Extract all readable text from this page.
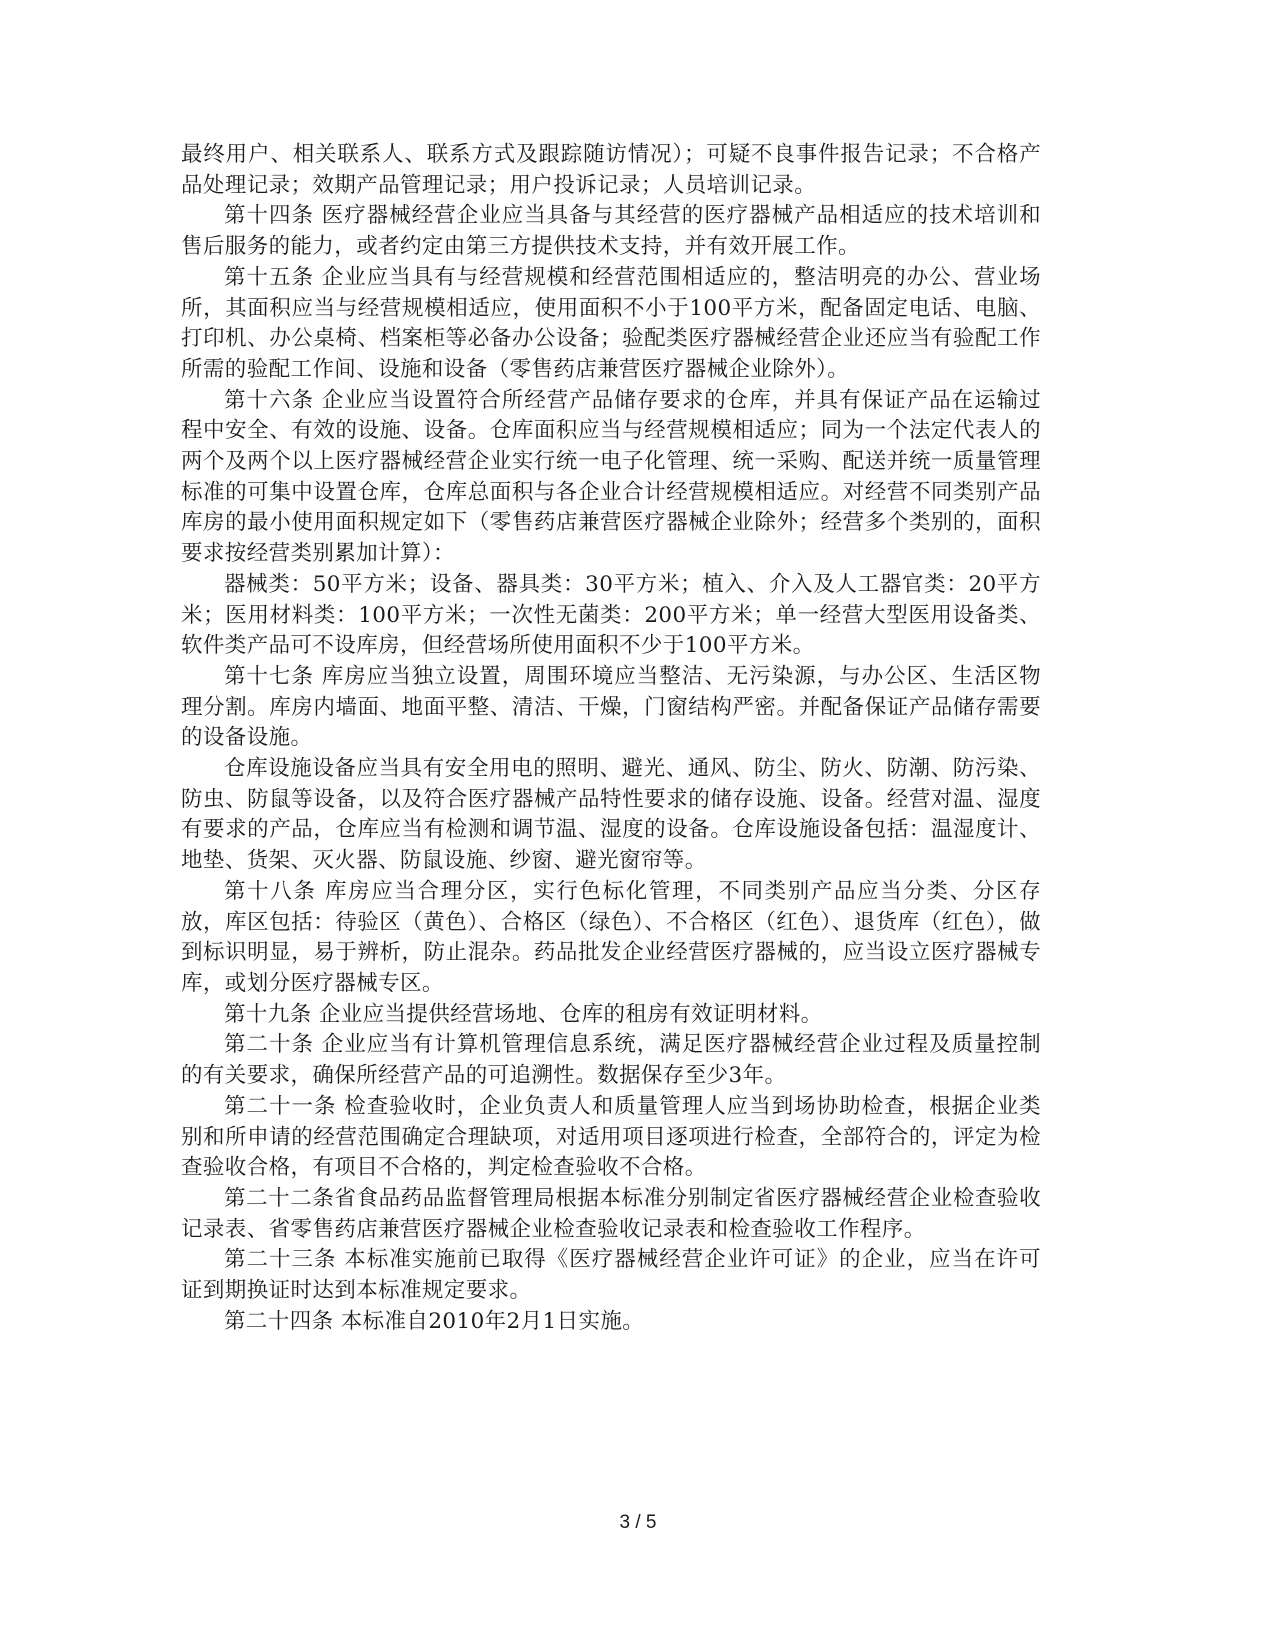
最终用户、相关联系人、联系方式及跟踪随访情况）；可疑不良事件报告记录；不合格产品处理记录；效期产品管理记录；用户投诉记录；人员培训记录。

第十四条 医疗器械经营企业应当具备与其经营的医疗器械产品相适应的技术培训和售后服务的能力，或者约定由第三方提供技术支持，并有效开展工作。

第十五条 企业应当具有与经营规模和经营范围相适应的，整洁明亮的办公、营业场所，其面积应当与经营规模相适应，使用面积不小于100平方米，配备固定电话、电脑、打印机、办公桌椅、档案柜等必备办公设备；验配类医疗器械经营企业还应当有验配工作所需的验配工作间、设施和设备（零售药店兼营医疗器械企业除外）。

第十六条 企业应当设置符合所经营产品储存要求的仓库，并具有保证产品在运输过程中安全、有效的设施、设备。仓库面积应当与经营规模相适应；同为一个法定代表人的两个及两个以上医疗器械经营企业实行统一电子化管理、统一采购、配送并统一质量管理标准的可集中设置仓库，仓库总面积与各企业合计经营规模相适应。对经营不同类别产品库房的最小使用面积规定如下（零售药店兼营医疗器械企业除外；经营多个类别的，面积要求按经营类别累加计算）：

器械类：50平方米；设备、器具类：30平方米；植入、介入及人工器官类：20平方米；医用材料类：100平方米；一次性无菌类：200平方米；单一经营大型医用设备类、软件类产品可不设库房，但经营场所使用面积不少于100平方米。

第十七条 库房应当独立设置，周围环境应当整洁、无污染源，与办公区、生活区物理分割。库房内墙面、地面平整、清洁、干燥，门窗结构严密。并配备保证产品储存需要的设备设施。

仓库设施设备应当具有安全用电的照明、避光、通风、防尘、防火、防潮、防污染、防虫、防鼠等设备，以及符合医疗器械产品特性要求的储存设施、设备。经营对温、湿度有要求的产品，仓库应当有检测和调节温、湿度的设备。仓库设施设备包括：温湿度计、地垫、货架、灭火器、防鼠设施、纱窗、避光窗帘等。

第十八条 库房应当合理分区，实行色标化管理，不同类别产品应当分类、分区存放，库区包括：待验区（黄色）、合格区（绿色）、不合格区（红色）、退货库（红色），做到标识明显，易于辨析，防止混杂。药品批发企业经营医疗器械的，应当设立医疗器械专库，或划分医疗器械专区。

第十九条 企业应当提供经营场地、仓库的租房有效证明材料。

第二十条 企业应当有计算机管理信息系统，满足医疗器械经营企业过程及质量控制的有关要求，确保所经营产品的可追溯性。数据保存至少3年。

第二十一条 检查验收时，企业负责人和质量管理人应当到场协助检查，根据企业类别和所申请的经营范围确定合理缺项，对适用项目逐项进行检查，全部符合的，评定为检查验收合格，有项目不合格的，判定检查验收不合格。

第二十二条省食品药品监督管理局根据本标准分别制定省医疗器械经营企业检查验收记录表、省零售药店兼营医疗器械企业检查验收记录表和检查验收工作程序。

第二十三条 本标准实施前已取得《医疗器械经营企业许可证》的企业，应当在许可证到期换证时达到本标准规定要求。

第二十四条 本标准自2010年2月1日实施。

3 / 5
